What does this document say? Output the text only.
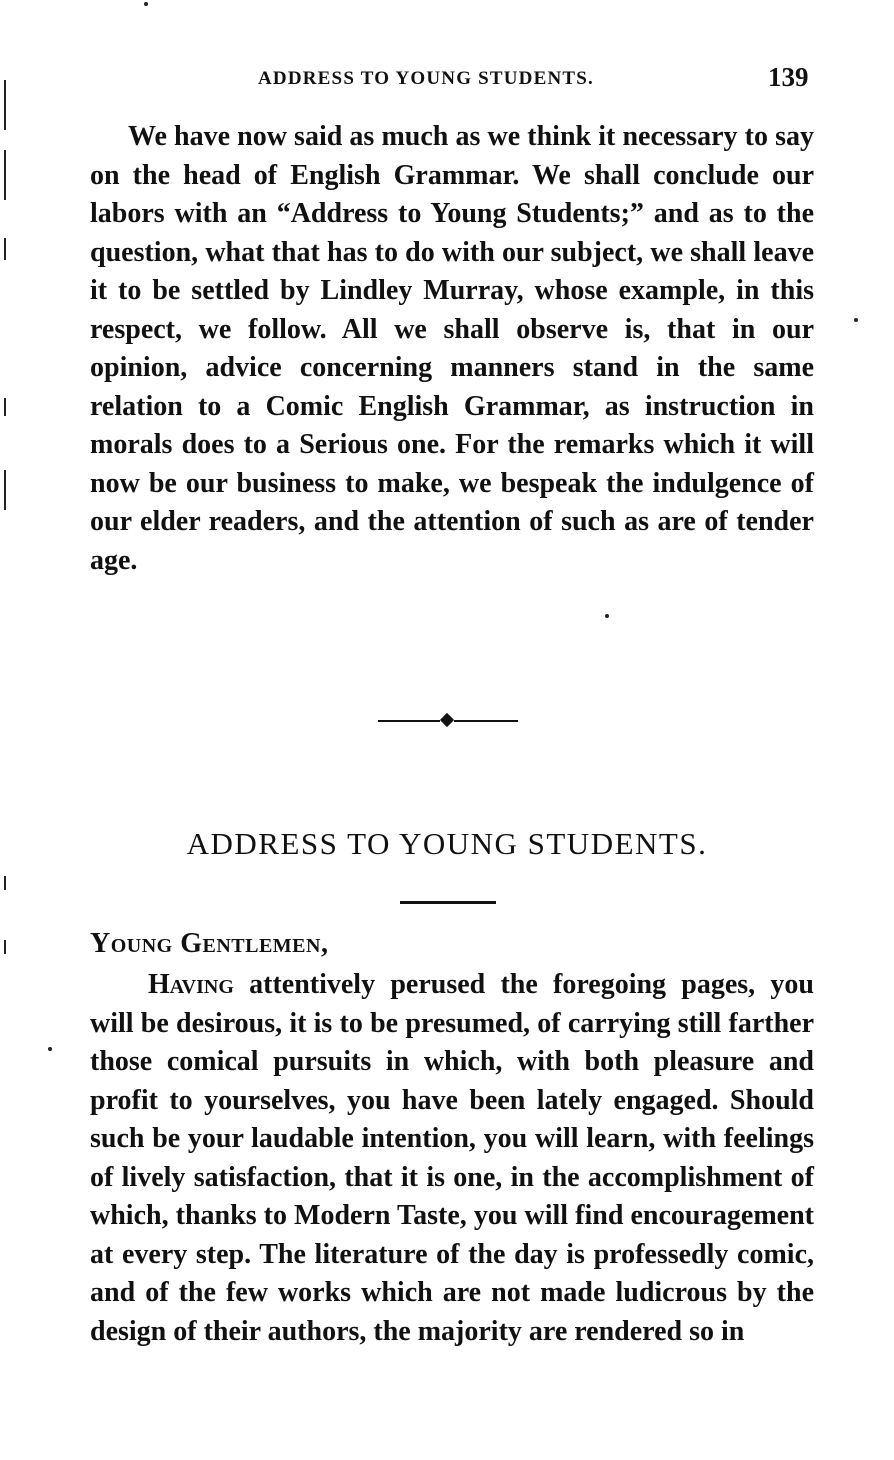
ADDRESS TO YOUNG STUDENTS.	139

We have now said as much as we think it necessary to say on the head of English Grammar. We shall conclude our labors with an “Address to Young Students;” and as to the question, what that has to do with our subject, we shall leave it to be settled by Lindley Murray, whose example, in this respect, we follow. All we shall observe is, that in our opinion, advice concerning manners stand in the same relation to a Comic English Grammar, as instruction in morals does to a Serious one. For the remarks which it will now be our business to make, we bespeak the indulgence of our elder readers, and the attention of such as are of tender age.

ADDRESS TO YOUNG STUDENTS.
Young Gentlemen,

Having attentively perused the foregoing pages, you will be desirous, it is to be presumed, of carrying still farther those comical pursuits in which, with both pleasure and profit to yourselves, you have been lately engaged. Should such be your laudable intention, you will learn, with feelings of lively satisfaction, that it is one, in the accomplishment of which, thanks to Modern Taste, you will find encouragement at every step. The literature of the day is professedly comic, and of the few works which are not made ludicrous by the design of their authors, the majority are rendered so in
